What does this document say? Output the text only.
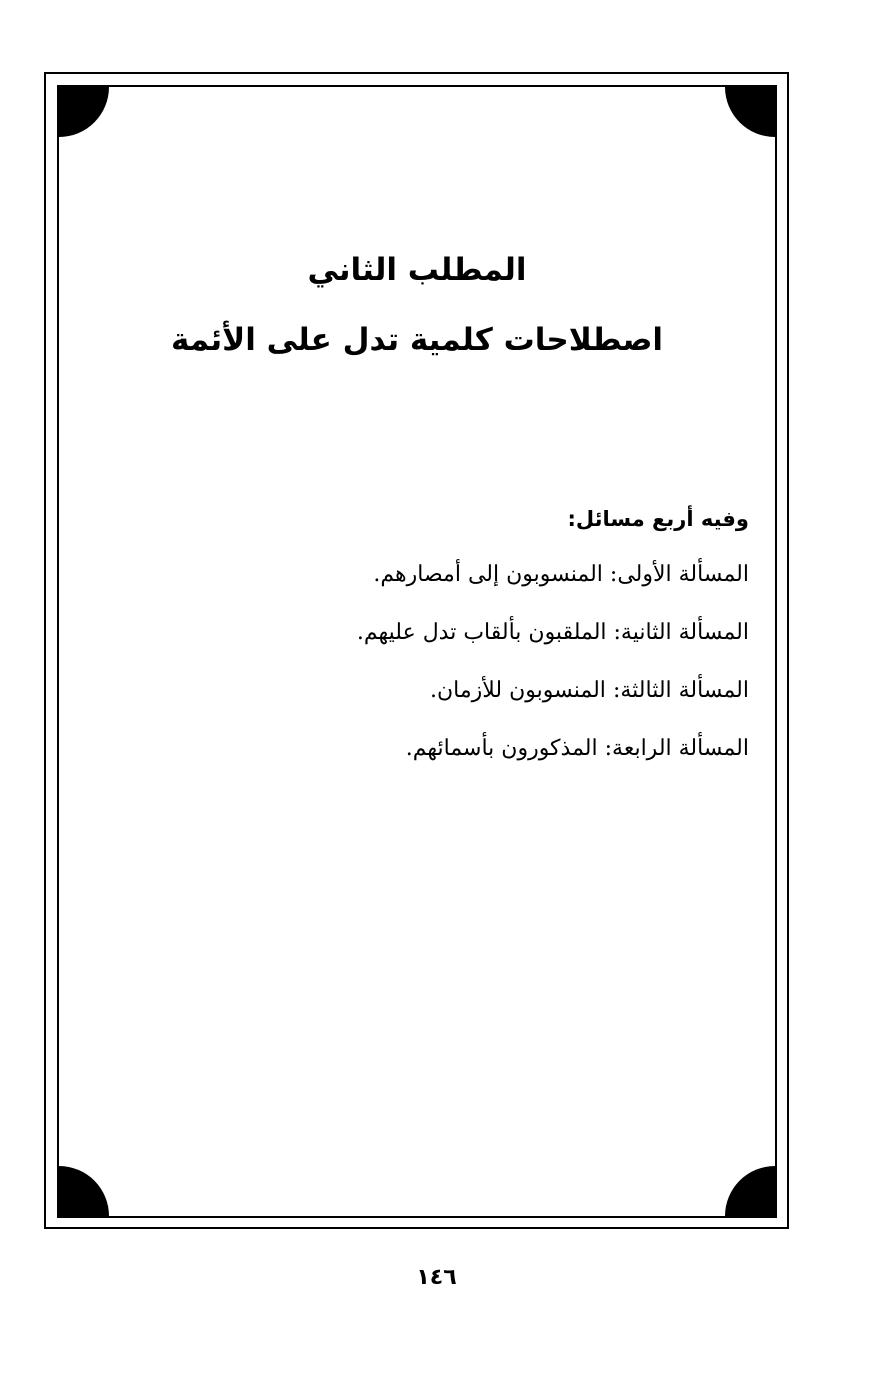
المطلب الثاني
اصطلاحات كلمية تدل على الأئمة

وفيه أربع مسائل:

المسألة الأولى: المنسوبون إلى أمصارهم.

المسألة الثانية: الملقبون بألقاب تدل عليهم.

المسألة الثالثة: المنسوبون للأزمان.

المسألة الرابعة: المذكورون بأسمائهم.

١٤٦
